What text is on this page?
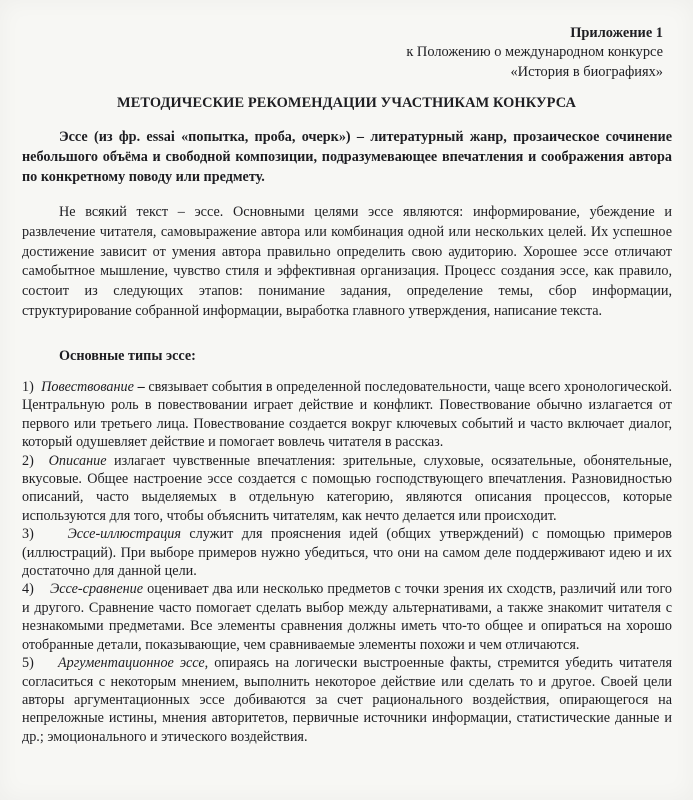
Приложение 1
к Положению о международном конкурсе
«История в биографиях»
МЕТОДИЧЕСКИЕ РЕКОМЕНДАЦИИ УЧАСТНИКАМ КОНКУРСА
Эссе (из фр. essai «попытка, проба, очерк») – литературный жанр, прозаическое сочинение небольшого объёма и свободной композиции, подразумевающее впечатления и соображения автора по конкретному поводу или предмету.
Не всякий текст – эссе. Основными целями эссе являются: информирование, убеждение и развлечение читателя, самовыражение автора или комбинация одной или нескольких целей. Их успешное достижение зависит от умения автора правильно определить свою аудиторию. Хорошее эссе отличают самобытное мышление, чувство стиля и эффективная организация. Процесс создания эссе, как правило, состоит из следующих этапов: понимание задания, определение темы, сбор информации, структурирование собранной информации, выработка главного утверждения, написание текста.
Основные типы эссе:

1) Повествование – связывает события в определенной последовательности, чаще всего хронологической. Центральную роль в повествовании играет действие и конфликт. Повествование обычно излагается от первого или третьего лица. Повествование создается вокруг ключевых событий и часто включает диалог, который одушевляет действие и помогает вовлечь читателя в рассказ.

2) Описание излагает чувственные впечатления: зрительные, слуховые, осязательные, обонятельные, вкусовые. Общее настроение эссе создается с помощью господствующего впечатления. Разновидностью описаний, часто выделяемых в отдельную категорию, являются описания процессов, которые используются для того, чтобы объяснить читателям, как нечто делается или происходит.

3) Эссе-иллюстрация служит для прояснения идей (общих утверждений) с помощью примеров (иллюстраций). При выборе примеров нужно убедиться, что они на самом деле поддерживают идею и их достаточно для данной цели.

4) Эссе-сравнение оценивает два или несколько предметов с точки зрения их сходств, различий или того и другого. Сравнение часто помогает сделать выбор между альтернативами, а также знакомит читателя с незнакомыми предметами. Все элементы сравнения должны иметь что-то общее и опираться на хорошо отобранные детали, показывающие, чем сравниваемые элементы похожи и чем отличаются.

5) Аргументационное эссе, опираясь на логически выстроенные факты, стремится убедить читателя согласиться с некоторым мнением, выполнить некоторое действие или сделать то и другое. Своей цели авторы аргументационных эссе добиваются за счет рационального воздействия, опирающегося на непреложные истины, мнения авторитетов, первичные источники информации, статистические данные и др.; эмоционального и этического воздействия.
